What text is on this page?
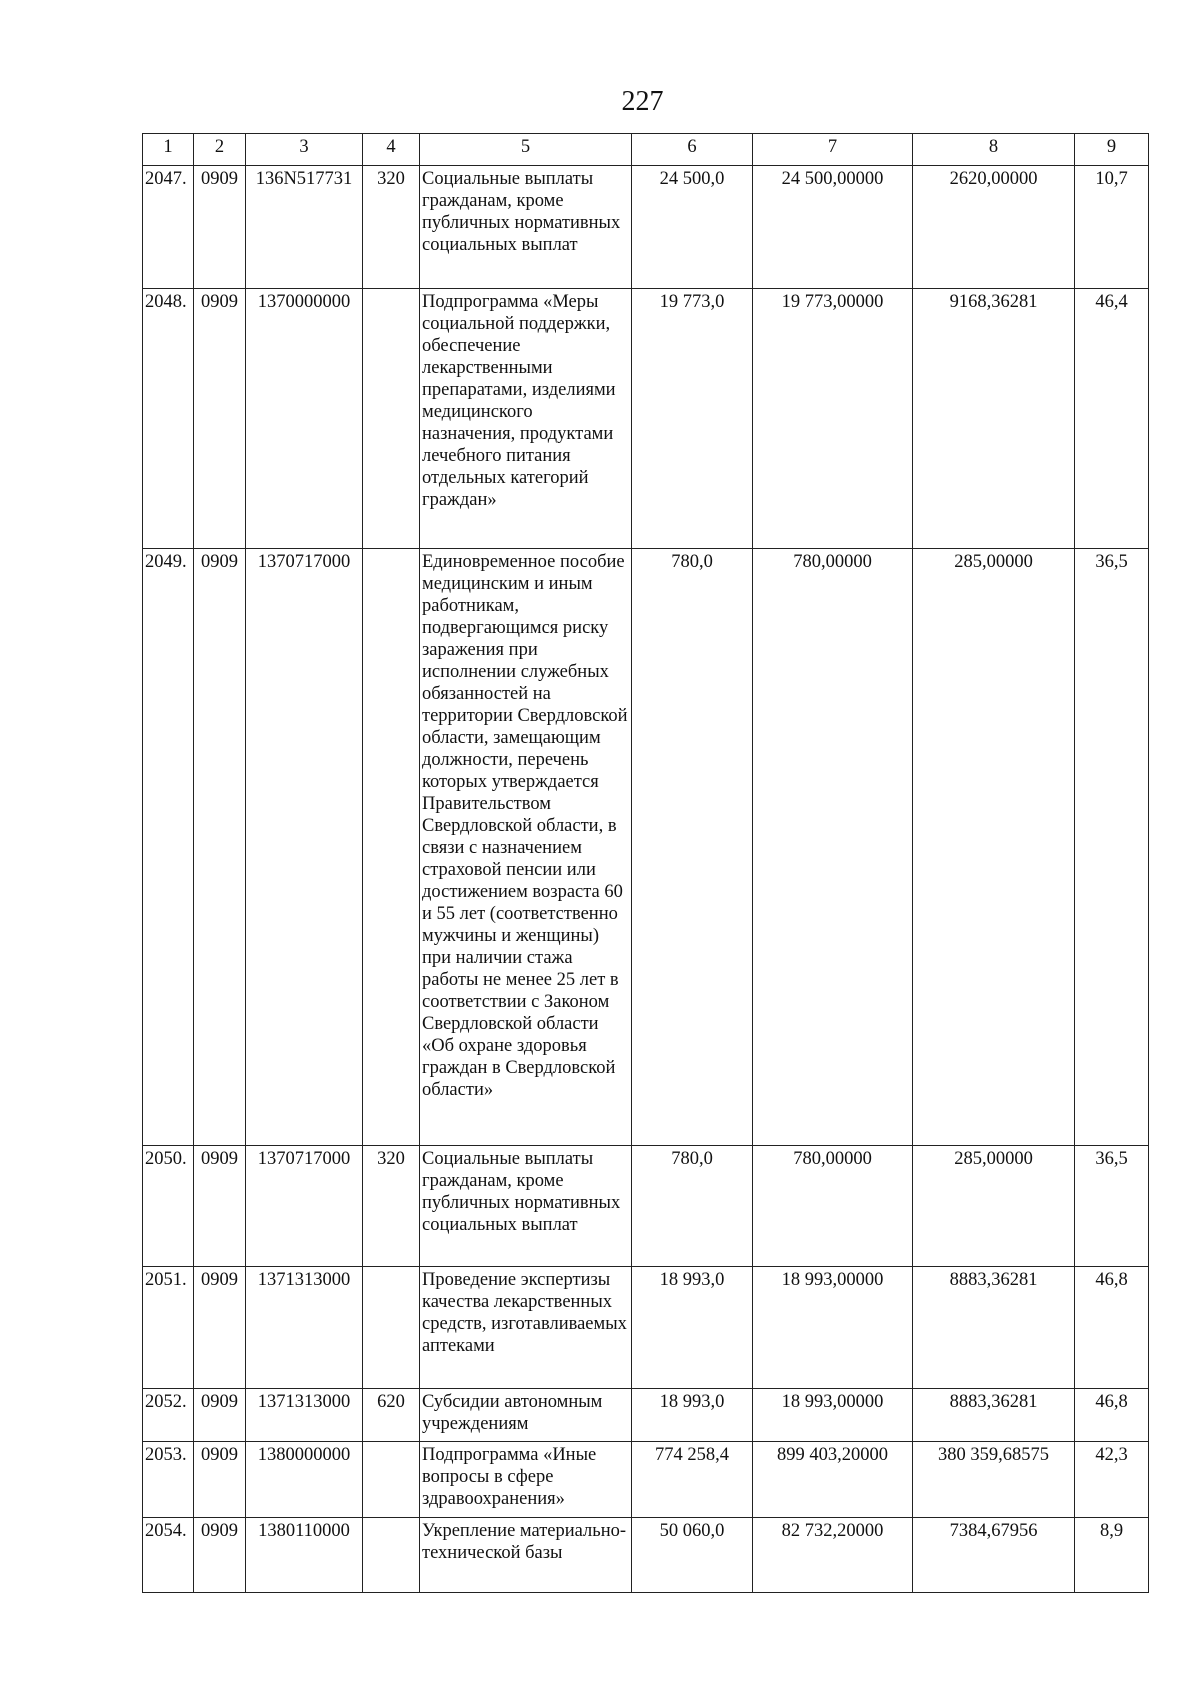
227
1	2	3	4	5	6	7	8	9
2047.	0909	136N517731	320	Социальные выплаты гражданам, кроме публичных нормативных социальных выплат	24 500,0	24 500,00000	2620,00000	10,7
2048.	0909	1370000000		Подпрограмма «Меры социальной поддержки, обеспечение лекарственными препаратами, изделиями медицинского назначения, продуктами лечебного питания отдельных категорий граждан»	19 773,0	19 773,00000	9168,36281	46,4
2049.	0909	1370717000		Единовременное пособие медицинским и иным работникам, подвергающимся риску заражения при исполнении служебных обязанностей на территории Свердловской области, замещающим должности, перечень которых утверждается Правительством Свердловской области, в связи с назначением страховой пенсии или достижением возраста 60 и 55 лет (соответственно мужчины и женщины) при наличии стажа работы не менее 25 лет в соответствии с Законом Свердловской области «Об охране здоровья граждан в Свердловской области»	780,0	780,00000	285,00000	36,5
2050.	0909	1370717000	320	Социальные выплаты гражданам, кроме публичных нормативных социальных выплат	780,0	780,00000	285,00000	36,5
2051.	0909	1371313000		Проведение экспертизы качества лекарственных средств, изготавливаемых аптеками	18 993,0	18 993,00000	8883,36281	46,8
2052.	0909	1371313000	620	Субсидии автономным учреждениям	18 993,0	18 993,00000	8883,36281	46,8
2053.	0909	1380000000		Подпрограмма «Иные вопросы в сфере здравоохранения»	774 258,4	899 403,20000	380 359,68575	42,3
2054.	0909	1380110000		Укрепление материально-технической базы	50 060,0	82 732,20000	7384,67956	8,9
